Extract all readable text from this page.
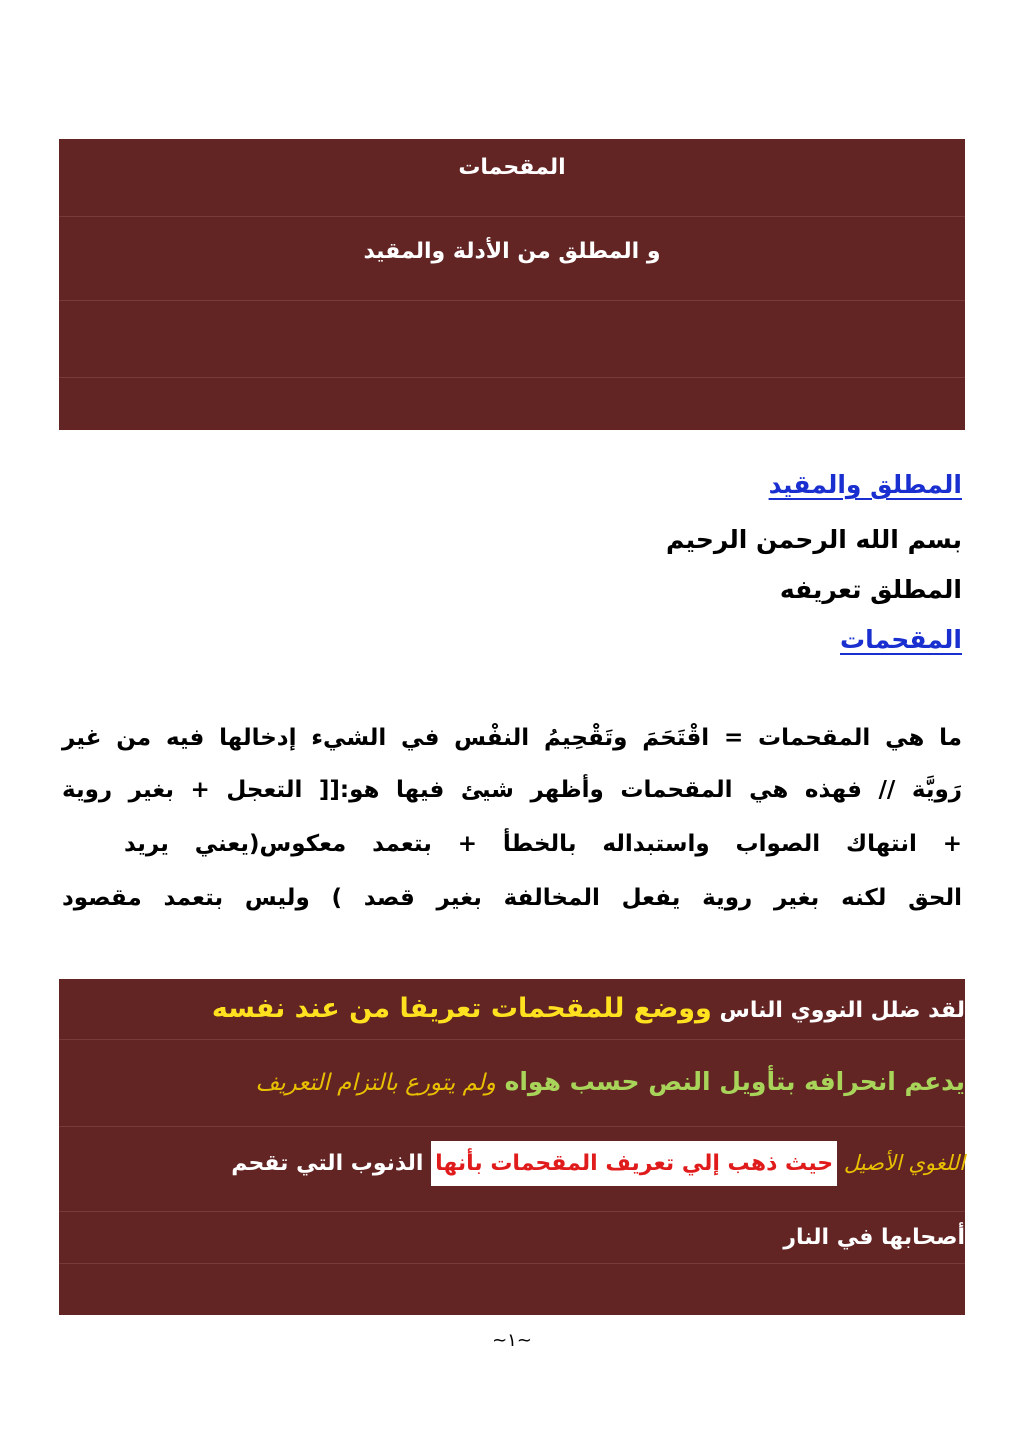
المقحمات
و المطلق من الأدلة والمقيد
المطلق والمقيد
بسم الله الرحمن الرحيم
المطلق تعريفه
المقحمات
ما هي المقحمات = اقْتَحَمَ وتَقْحِيمُ النفْس في الشيء إدخالها فيه من غير
رَويَّة // فهذه هي المقحمات وأظهر شيئ فيها هو:[[ التعجل + بغير روية
+ انتهاك الصواب واستبداله بالخطأ + بتعمد معكوس(يعني يريد
الحق لكنه بغير روية يفعل المخالفة بغير قصد ) وليس بتعمد مقصود
لقد ضلل النووي الناس ووضع للمقحمات تعريفا من عند نفسه
يدعم انحرافه بتأويل النص حسب هواه ولم يتورع بالتزام التعريف
اللغوي الأصيل حيث ذهب إلي تعريف المقحمات بأنها الذنوب التي تقحم
أصحابها في النار
~١~
